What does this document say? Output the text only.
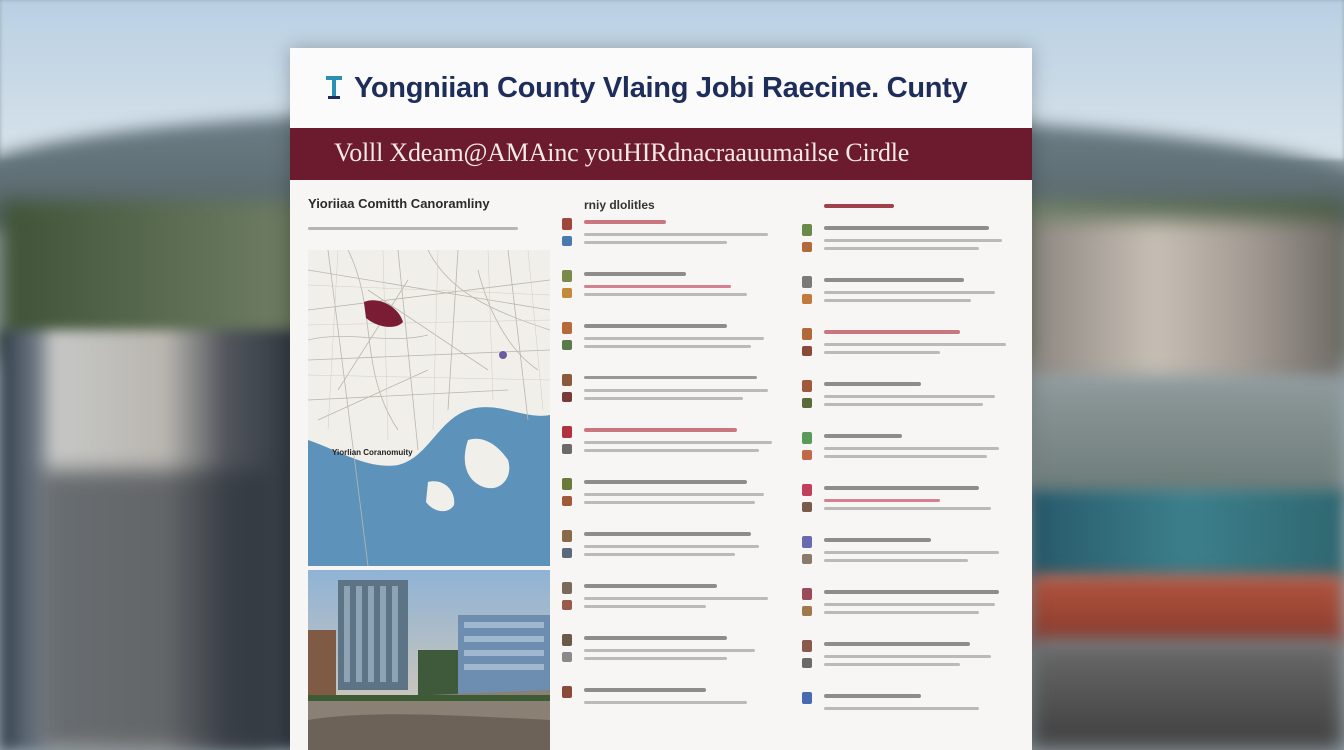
Yongniian County Vlaing Jobi Raecine. Cunty
Volll Xdeam@AMAinc youHIRdnacraauumailse Cirdle
Yioriiaa Comitth Canoramliny
Yiorlian Coranomuity
rniy dlolitles
